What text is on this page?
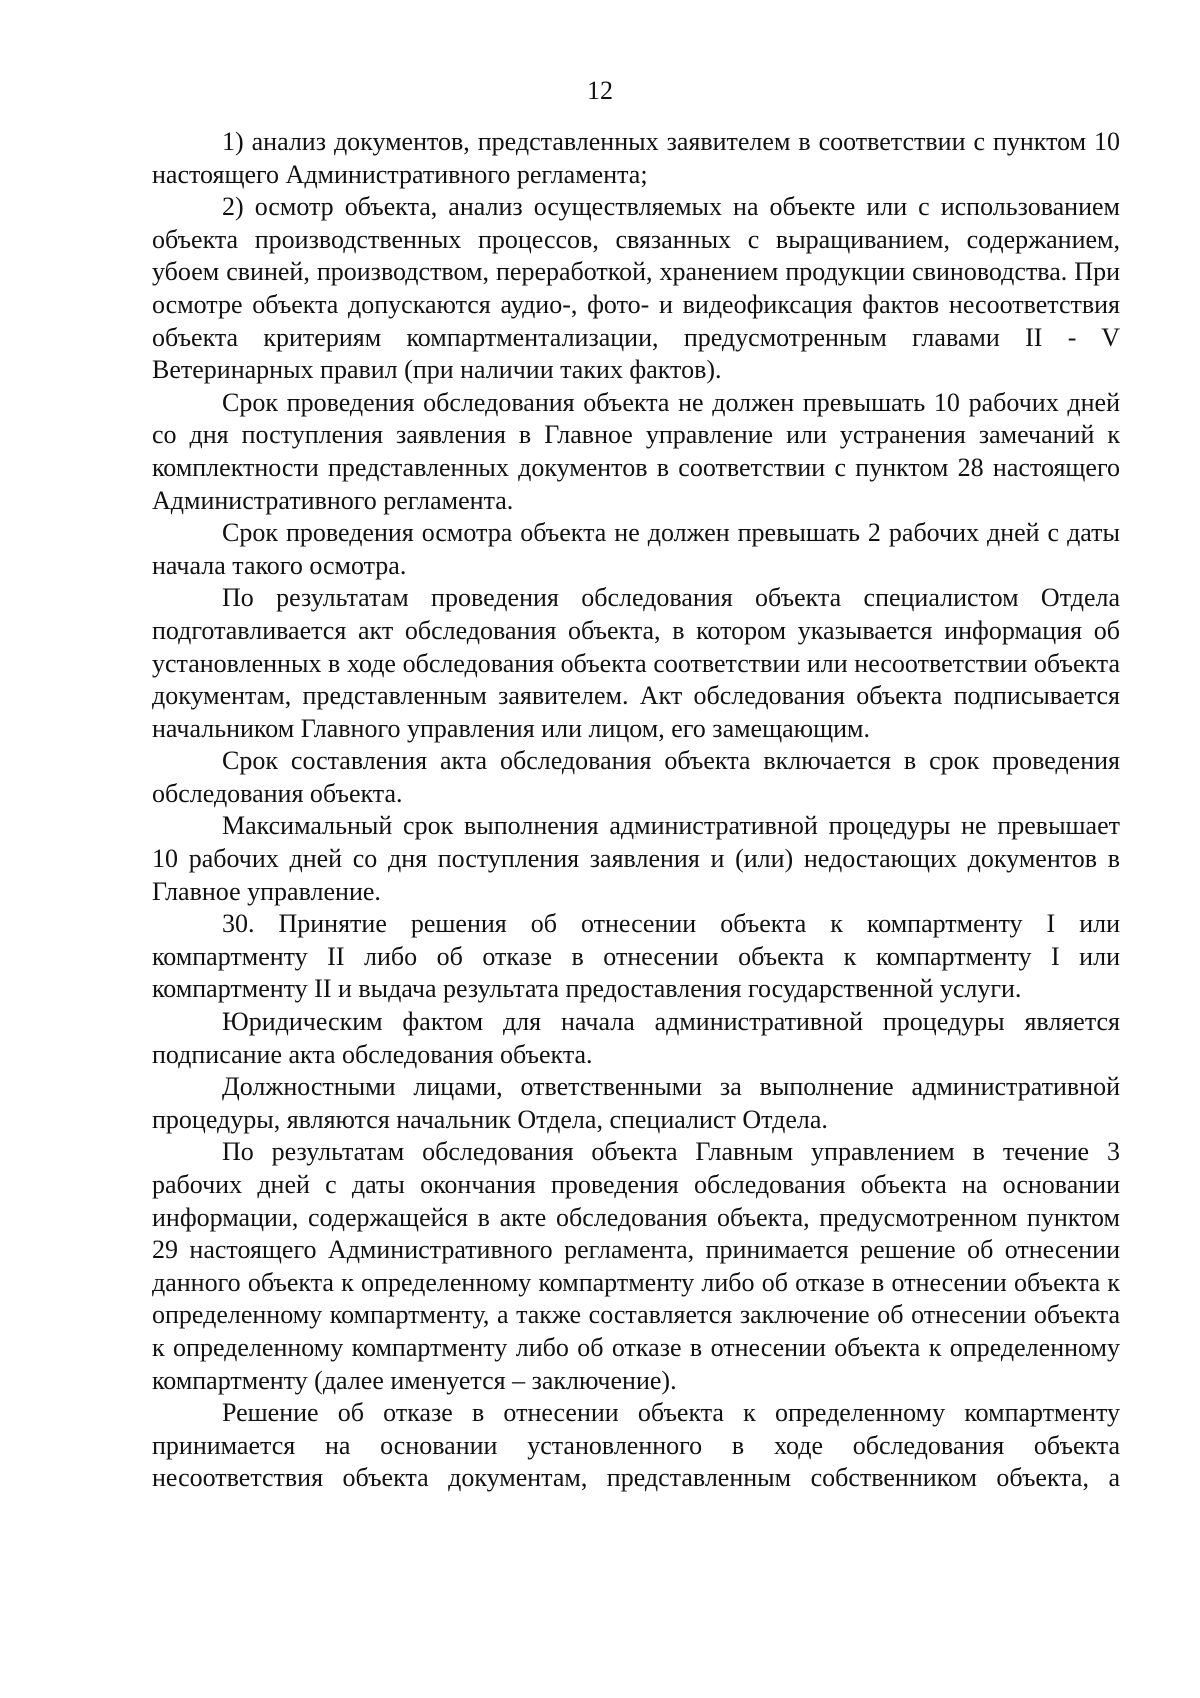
12

1) анализ документов, представленных заявителем в соответствии с пунктом 10 настоящего Административного регламента;

2) осмотр объекта, анализ осуществляемых на объекте или с использованием объекта производственных процессов, связанных с выращиванием, содержанием, убоем свиней, производством, переработкой, хранением продукции свиноводства. При осмотре объекта допускаются аудио-, фото- и видеофиксация фактов несоответствия объекта критериям компартментализации, предусмотренным главами II - V Ветеринарных правил (при наличии таких фактов).

Срок проведения обследования объекта не должен превышать 10 рабочих дней со дня поступления заявления в Главное управление или устранения замечаний к комплектности представленных документов в соответствии с пунктом 28 настоящего Административного регламента.

Срок проведения осмотра объекта не должен превышать 2 рабочих дней с даты начала такого осмотра.

По результатам проведения обследования объекта специалистом Отдела подготавливается акт обследования объекта, в котором указывается информация об установленных в ходе обследования объекта соответствии или несоответствии объекта документам, представленным заявителем. Акт обследования объекта подписывается начальником Главного управления или лицом, его замещающим.

Срок составления акта обследования объекта включается в срок проведения обследования объекта.

Максимальный срок выполнения административной процедуры не превышает 10 рабочих дней со дня поступления заявления и (или) недостающих документов в Главное управление.

30. Принятие решения об отнесении объекта к компартменту I или компартменту II либо об отказе в отнесении объекта к компартменту I или компартменту II и выдача результата предоставления государственной услуги.

Юридическим фактом для начала административной процедуры является подписание акта обследования объекта.

Должностными лицами, ответственными за выполнение административной процедуры, являются начальник Отдела, специалист Отдела.

По результатам обследования объекта Главным управлением в течение 3 рабочих дней с даты окончания проведения обследования объекта на основании информации, содержащейся в акте обследования объекта, предусмотренном пунктом 29 настоящего Административного регламента, принимается решение об отнесении данного объекта к определенному компартменту либо об отказе в отнесении объекта к определенному компартменту, а также составляется заключение об отнесении объекта к определенному компартменту либо об отказе в отнесении объекта к определенному компартменту (далее именуется – заключение).

Решение об отказе в отнесении объекта к определенному компартменту принимается на основании установленного в ходе обследования объекта несоответствия объекта документам, представленным собственником объекта, а
